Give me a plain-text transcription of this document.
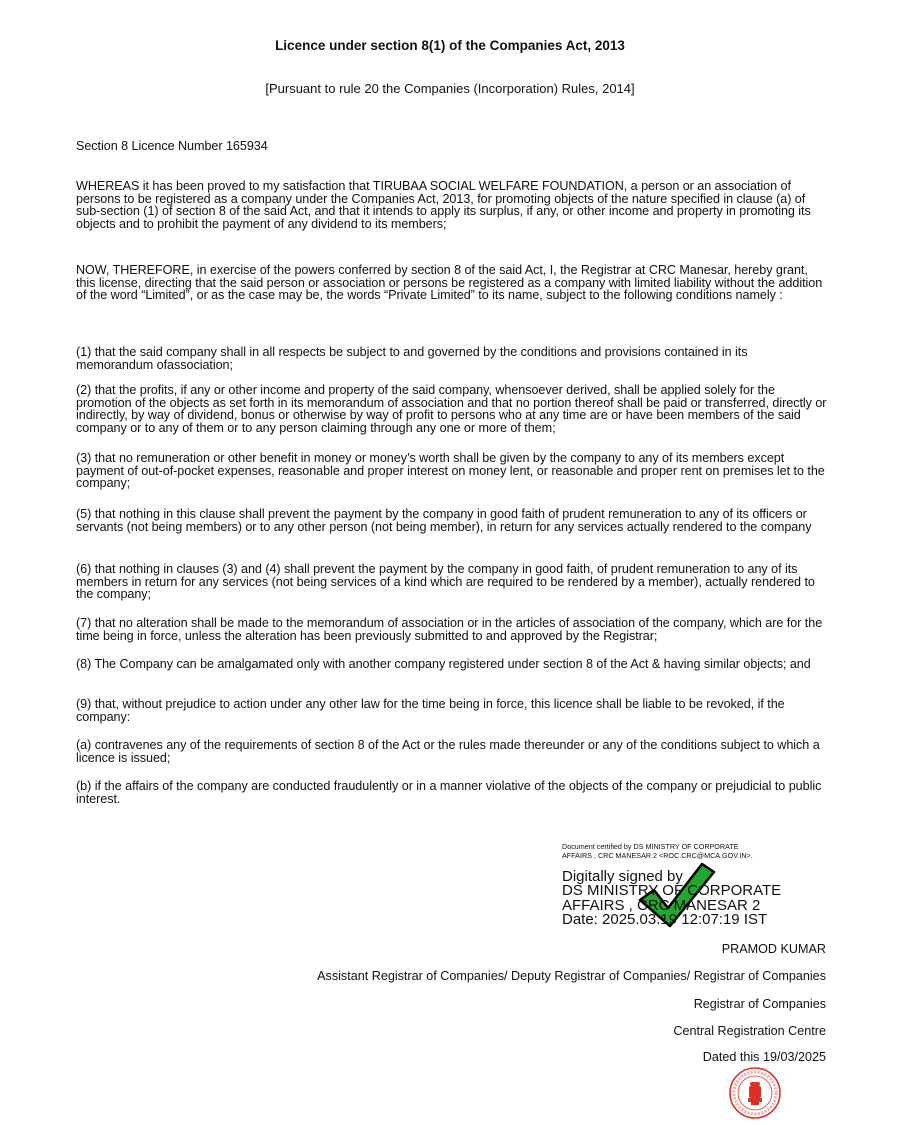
Licence under section 8(1) of the Companies Act, 2013
[Pursuant to rule 20 the Companies (Incorporation) Rules, 2014]
Section 8 Licence Number 165934

WHEREAS it has been proved to my satisfaction that TIRUBAA SOCIAL WELFARE FOUNDATION, a person or an association of persons to be registered as a company under the Companies Act, 2013, for promoting objects of the nature specified in clause (a) of sub-section (1) of section 8 of the said Act, and that it intends to apply its surplus, if any, or other income and property in promoting its objects and to prohibit the payment of any dividend to its members;

NOW, THEREFORE, in exercise of the powers conferred by section 8 of the said Act, I, the Registrar at CRC Manesar, hereby grant, this license, directing that the said person or association or persons be registered as a company with limited liability without the addition of the word “Limited”, or as the case may be, the words “Private Limited” to its name, subject to the following conditions namely :

(1) that the said company shall in all respects be subject to and governed by the conditions and provisions contained in its memorandum ofassociation;

(2) that the profits, if any or other income and property of the said company, whensoever derived, shall be applied solely for the promotion of the objects as set forth in its memorandum of association and that no portion thereof shall be paid or transferred, directly or indirectly, by way of dividend, bonus or otherwise by way of profit to persons who at any time are or have been members of the said company or to any of them or to any person claiming through any one or more of them;

(3) that no remuneration or other benefit in money or money’s worth shall be given by the company to any of its members except payment of out-of-pocket expenses, reasonable and proper interest on money lent, or reasonable and proper rent on premises let to the company;

(5) that nothing in this clause shall prevent the payment by the company in good faith of prudent remuneration to any of its officers or servants (not being members) or to any other person (not being member), in return for any services actually rendered to the company

(6) that nothing in clauses (3) and (4) shall prevent the payment by the company in good faith, of prudent remuneration to any of its members in return for any services (not being services of a kind which are required to be rendered by a member), actually rendered to the company;

(7) that no alteration shall be made to the memorandum of association or in the articles of association of the company, which are for the time being in force, unless the alteration has been previously submitted to and approved by the Registrar;

(8) The Company can be amalgamated only with another company registered under section 8 of the Act & having similar objects; and

(9) that, without prejudice to action under any other law for the time being in force, this licence shall be liable to be revoked, if the company:

(a) contravenes any of the requirements of section 8 of the Act or the rules made thereunder or any of the conditions subject to which a licence is issued;

(b) if the affairs of the company are conducted fraudulently or in a manner violative of the objects of the company or prejudicial to public interest.

Document certified by DS MINISTRY OF CORPORATE
AFFAIRS , CRC MANESAR 2 <ROC.CRC@MCA.GOV.IN>.
Digitally signed by
DS MINISTRY OF CORPORATE
AFFAIRS , CRC MANESAR 2
Date: 2025.03.19 12:07:19 IST
PRAMOD KUMAR
Assistant Registrar of Companies/ Deputy Registrar of Companies/ Registrar of Companies
Registrar of Companies
Central Registration Centre
Dated this 19/03/2025
